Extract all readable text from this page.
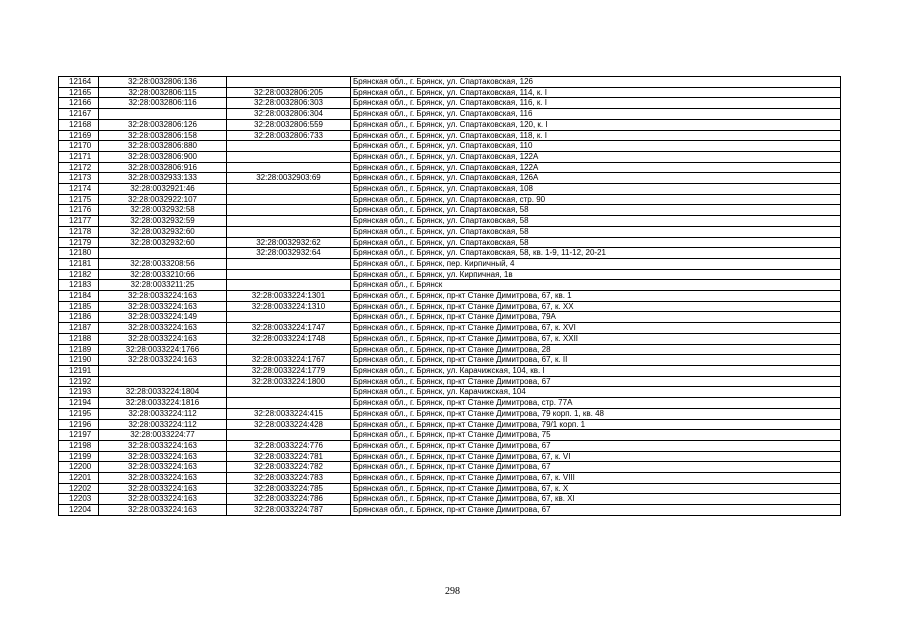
12164	32:28:0032806:136		Брянская обл., г. Брянск, ул. Спартаковская, 126
12165	32:28:0032806:115	32:28:0032806:205	Брянская обл., г. Брянск, ул. Спартаковская, 114, к. I
12166	32:28:0032806:116	32:28:0032806:303	Брянская обл., г. Брянск, ул. Спартаковская, 116, к. I
12167		32:28:0032806:304	Брянская обл., г. Брянск, ул. Спартаковская, 116
12168	32:28:0032806:126	32:28:0032806:559	Брянская обл., г. Брянск, ул. Спартаковская, 120, к. I
12169	32:28:0032806:158	32:28:0032806:733	Брянская обл., г. Брянск, ул. Спартаковская, 118, к. I
12170	32:28:0032806:880		Брянская обл., г. Брянск, ул. Спартаковская, 110
12171	32:28:0032806:900		Брянская обл., г. Брянск, ул. Спартаковская, 122А
12172	32:28:0032806:916		Брянская обл., г. Брянск, ул. Спартаковская, 122А
12173	32:28:0032933:133	32:28:0032903:69	Брянская обл., г. Брянск, ул. Спартаковская, 126А
12174	32:28:0032921:46		Брянская обл., г. Брянск, ул. Спартаковская, 108
12175	32:28:0032922:107		Брянская обл., г. Брянск, ул. Спартаковская, стр. 90
12176	32:28:0032932:58		Брянская обл., г. Брянск, ул. Спартаковская, 58
12177	32:28:0032932:59		Брянская обл., г. Брянск, ул. Спартаковская, 58
12178	32:28:0032932:60		Брянская обл., г. Брянск, ул. Спартаковская, 58
12179	32:28:0032932:60	32:28:0032932:62	Брянская обл., г. Брянск, ул. Спартаковская, 58
12180		32:28:0032932:64	Брянская обл., г. Брянск, ул. Спартаковская, 58, кв. 1-9, 11-12, 20-21
12181	32:28:0033208:56		Брянская обл., г. Брянск, пер. Кирпичный, 4
12182	32:28:0033210:66		Брянская обл., г. Брянск, ул. Кирпичная, 1в
12183	32:28:0033211:25		Брянская обл., г. Брянск
12184	32:28:0033224:163	32:28:0033224:1301	Брянская обл., г. Брянск, пр-кт Станке Димитрова, 67, кв. 1
12185	32:28:0033224:163	32:28:0033224:1310	Брянская обл., г. Брянск, пр-кт Станке Димитрова, 67, к. XX
12186	32:28:0033224:149		Брянская обл., г. Брянск, пр-кт Станке Димитрова, 79А
12187	32:28:0033224:163	32:28:0033224:1747	Брянская обл., г. Брянск, пр-кт Станке Димитрова, 67, к. XVI
12188	32:28:0033224:163	32:28:0033224:1748	Брянская обл., г. Брянск, пр-кт Станке Димитрова, 67, к. XXII
12189	32:28:0033224:1766		Брянская обл., г. Брянск, пр-кт Станке Димитрова, 28
12190	32:28:0033224:163	32:28:0033224:1767	Брянская обл., г. Брянск, пр-кт Станке Димитрова, 67, к. II
12191		32:28:0033224:1779	Брянская обл., г. Брянск, ул. Карачижская, 104, кв. I
12192		32:28:0033224:1800	Брянская обл., г. Брянск, пр-кт Станке Димитрова, 67
12193	32:28:0033224:1804		Брянская обл., г. Брянск, ул. Карачижская, 104
12194	32:28:0033224:1816		Брянская обл., г. Брянск, пр-кт Станке Димитрова, стр. 77А
12195	32:28:0033224:112	32:28:0033224:415	Брянская обл., г. Брянск, пр-кт Станке Димитрова, 79 корп. 1, кв. 48
12196	32:28:0033224:112	32:28:0033224:428	Брянская обл., г. Брянск, пр-кт Станке Димитрова, 79/1 корп. 1
12197	32:28:0033224:77		Брянская обл., г. Брянск, пр-кт Станке Димитрова, 75
12198	32:28:0033224:163	32:28:0033224:776	Брянская обл., г. Брянск, пр-кт Станке Димитрова, 67
12199	32:28:0033224:163	32:28:0033224:781	Брянская обл., г. Брянск, пр-кт Станке Димитрова, 67, к. VI
12200	32:28:0033224:163	32:28:0033224:782	Брянская обл., г. Брянск, пр-кт Станке Димитрова, 67
12201	32:28:0033224:163	32:28:0033224:783	Брянская обл., г. Брянск, пр-кт Станке Димитрова, 67, к. VIII
12202	32:28:0033224:163	32:28:0033224:785	Брянская обл., г. Брянск, пр-кт Станке Димитрова, 67, к. X
12203	32:28:0033224:163	32:28:0033224:786	Брянская обл., г. Брянск, пр-кт Станке Димитрова, 67, кв. XI
12204	32:28:0033224:163	32:28:0033224:787	Брянская обл., г. Брянск, пр-кт Станке Димитрова, 67
298
